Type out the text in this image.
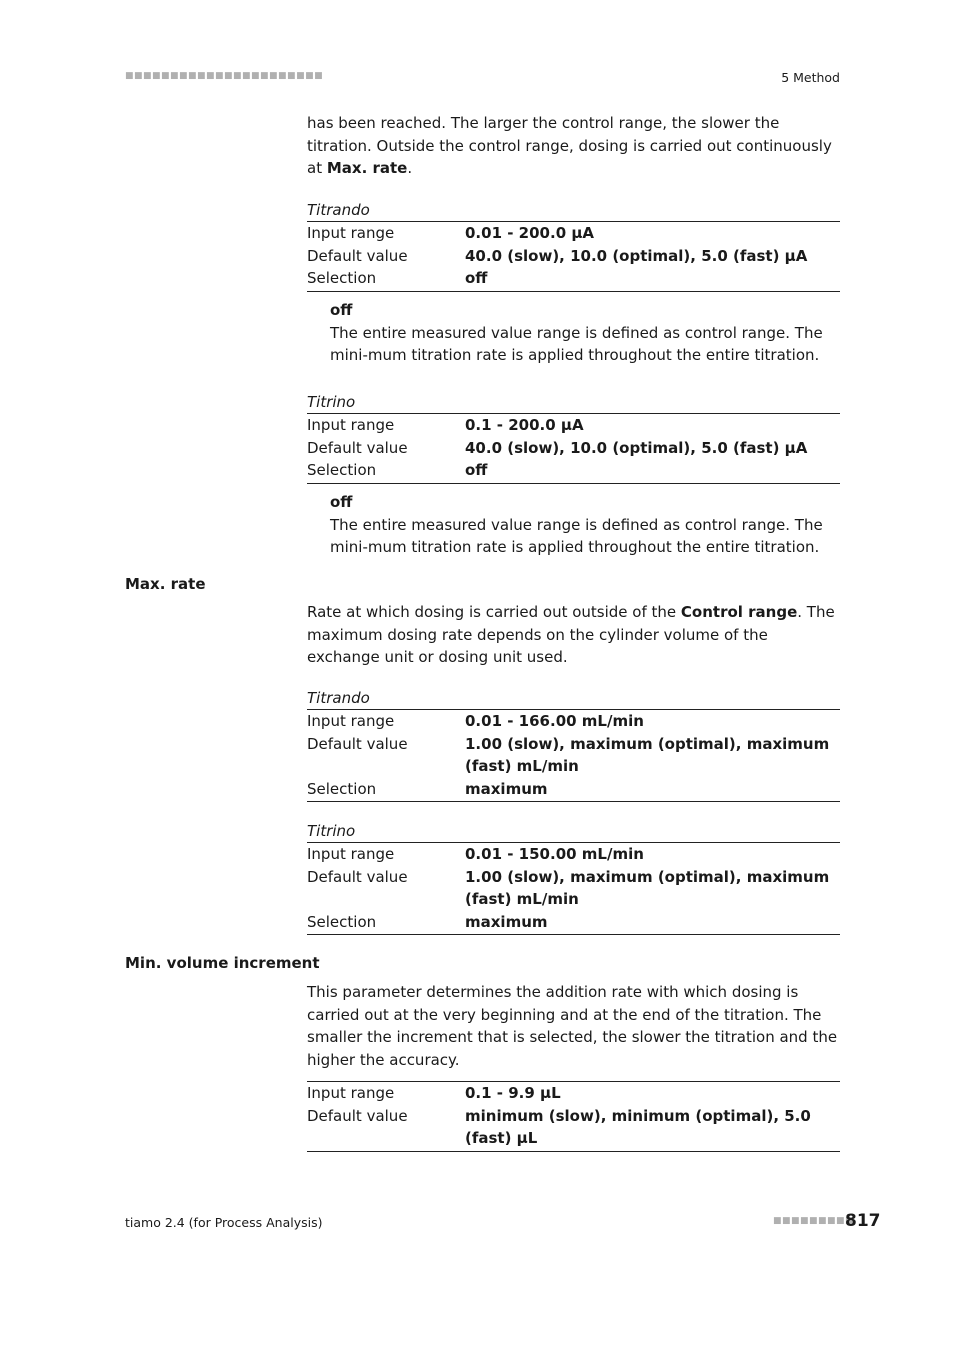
■■■■■■■■■■■■■■■■■■■■■■	5 Method

has been reached. The larger the control range, the slower the titration. Outside the control range, dosing is carried out continuously at Max. rate.

Titrando
Input range	0.01 - 200.0 µA
Default value	40.0 (slow), 10.0 (optimal), 5.0 (fast) µA
Selection	off
off

The entire measured value range is defined as control range. The mini-mum titration rate is applied throughout the entire titration.

Titrino
Input range	0.1 - 200.0 µA
Default value	40.0 (slow), 10.0 (optimal), 5.0 (fast) µA
Selection	off
off

The entire measured value range is defined as control range. The mini-mum titration rate is applied throughout the entire titration.

Max. rate

Rate at which dosing is carried out outside of the Control range. The maximum dosing rate depends on the cylinder volume of the exchange unit or dosing unit used.

Titrando
Input range	0.01 - 166.00 mL/min
Default value	1.00 (slow), maximum (optimal), maximum (fast) mL/min
Selection	maximum
Titrino
Input range	0.01 - 150.00 mL/min
Default value	1.00 (slow), maximum (optimal), maximum (fast) mL/min
Selection	maximum
Min. volume increment

This parameter determines the addition rate with which dosing is carried out at the very beginning and at the end of the titration. The smaller the increment that is selected, the slower the titration and the higher the accuracy.

Input range	0.1 - 9.9 µL
Default value	minimum (slow), minimum (optimal), 5.0 (fast) µL
tiamo 2.4 (for Process Analysis)	■■■■■■■■■
817
